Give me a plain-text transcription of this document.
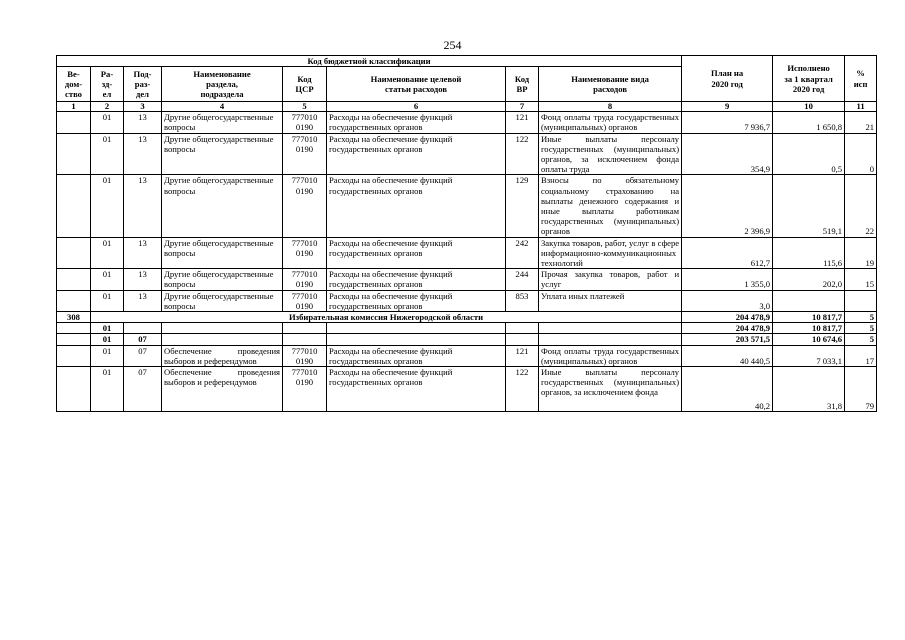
254
Код бюджетной классификации								План на
2020 год	Исполнено
за 1 квартал
2020 год	%
исп
Ве-
дом-
ство	Ра-
зд-
ел	Под-
раз-
дел	Наименование
раздела,
подраздела	Код
ЦСР	Наименование целевой
статьи расходов	Код
ВР	Наименование вида
расходов			
1	2	3	4	5	6	7	8	9	10	11
	01	13	Другие общегосударственные вопросы	777010 0190	Расходы на обеспечение функций государственных органов	121	Фонд оплаты труда государственных (муниципальных) органов	7 936,7	1 650,8	21
	01	13	Другие общегосударственные вопросы	777010 0190	Расходы на обеспечение функций государственных органов	122	Иные выплаты персоналу государственных (муниципальных) органов, за исключением фонда оплаты труда	354,9	0,5	0
	01	13	Другие общегосударственные вопросы	777010 0190	Расходы на обеспечение функций государственных органов	129	Взносы по обязательному социальному страхованию на выплаты денежного содержания и иные выплаты работникам государственных (муниципальных) органов	2 396,9	519,1	22
	01	13	Другие общегосударственные вопросы	777010 0190	Расходы на обеспечение функций государственных органов	242	Закупка товаров, работ, услуг в сфере информационно-коммуникационных технологий	612,7	115,6	19
	01	13	Другие общегосударственные вопросы	777010 0190	Расходы на обеспечение функций государственных органов	244	Прочая закупка товаров, работ и услуг	1 355,0	202,0	15
	01	13	Другие общегосударственные вопросы	777010 0190	Расходы на обеспечение функций государственных органов	853	Уплата иных платежей	3,0		
308	Избирательная комиссия Нижегородской области							204 478,9	10 817,7	5
	01							204 478,9	10 817,7	5
	01	07						203 571,5	10 674,6	5
	01	07	Обеспечение проведения выборов и референдумов	777010 0190	Расходы на обеспечение функций государственных органов	121	Фонд оплаты труда государственных (муниципальных) органов	40 440,5	7 033,1	17
	01	07	Обеспечение проведения выборов и референдумов	777010 0190	Расходы на обеспечение функций государственных органов	122	Иные выплаты персоналу государственных (муниципальных) органов, за исключением фонда	40,2	31,8	79
